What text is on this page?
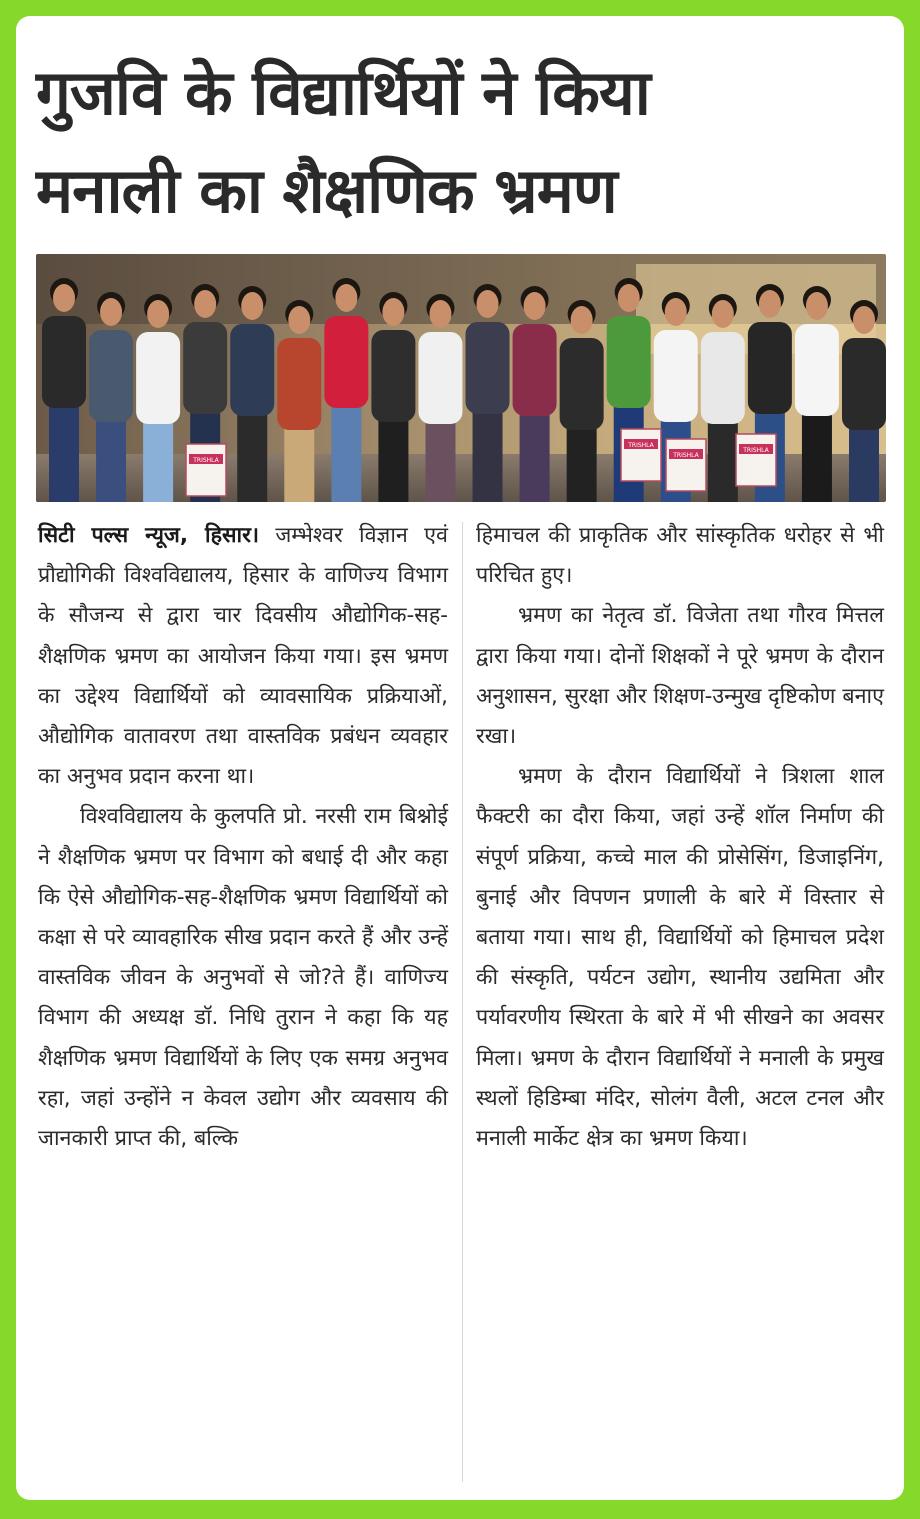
गुजवि के विद्यार्थियों ने किया
मनाली का शैक्षणिक भ्रमण
TRISHLA
TRISHLA
TRISHLA
TRISHLA

सिटी पल्स न्यूज, हिसार। जम्भेश्वर विज्ञान एवं प्रौद्योगिकी विश्वविद्यालय, हिसार के वाणिज्य विभाग के सौजन्य से द्वारा चार दिवसीय औद्योगिक-सह-शैक्षणिक भ्रमण का आयोजन किया गया। इस भ्रमण का उद्देश्य विद्यार्थियों को व्यावसायिक प्रक्रियाओं, औद्योगिक वातावरण तथा वास्तविक प्रबंधन व्यवहार का अनुभव प्रदान करना था।

विश्वविद्यालय के कुलपति प्रो. नरसी राम बिश्नोई ने शैक्षणिक भ्रमण पर विभाग को बधाई दी और कहा कि ऐसे औद्योगिक-सह-शैक्षणिक भ्रमण विद्यार्थियों को कक्षा से परे व्यावहारिक सीख प्रदान करते हैं और उन्हें वास्तविक जीवन के अनुभवों से जो?ते हैं। वाणिज्य विभाग की अध्यक्ष डॉ. निधि तुरान ने कहा कि यह शैक्षणिक भ्रमण विद्यार्थियों के लिए एक समग्र अनुभव रहा, जहां उन्होंने न केवल उद्योग और व्यवसाय की जानकारी प्राप्त की, बल्कि

हिमाचल की प्राकृतिक और सांस्कृतिक धरोहर से भी परिचित हुए।

भ्रमण का नेतृत्व डॉ. विजेता तथा गौरव मित्तल द्वारा किया गया। दोनों शिक्षकों ने पूरे भ्रमण के दौरान अनुशासन, सुरक्षा और शिक्षण-उन्मुख दृष्टिकोण बनाए रखा।

भ्रमण के दौरान विद्यार्थियों ने त्रिशला शाल फैक्टरी का दौरा किया, जहां उन्हें शॉल निर्माण की संपूर्ण प्रक्रिया, कच्चे माल की प्रोसेसिंग, डिजाइनिंग, बुनाई और विपणन प्रणाली के बारे में विस्तार से बताया गया। साथ ही, विद्यार्थियों को हिमाचल प्रदेश की संस्कृति, पर्यटन उद्योग, स्थानीय उद्यमिता और पर्यावरणीय स्थिरता के बारे में भी सीखने का अवसर मिला। भ्रमण के दौरान विद्यार्थियों ने मनाली के प्रमुख स्थलों हिडिम्बा मंदिर, सोलंग वैली, अटल टनल और मनाली मार्केट क्षेत्र का भ्रमण किया।
